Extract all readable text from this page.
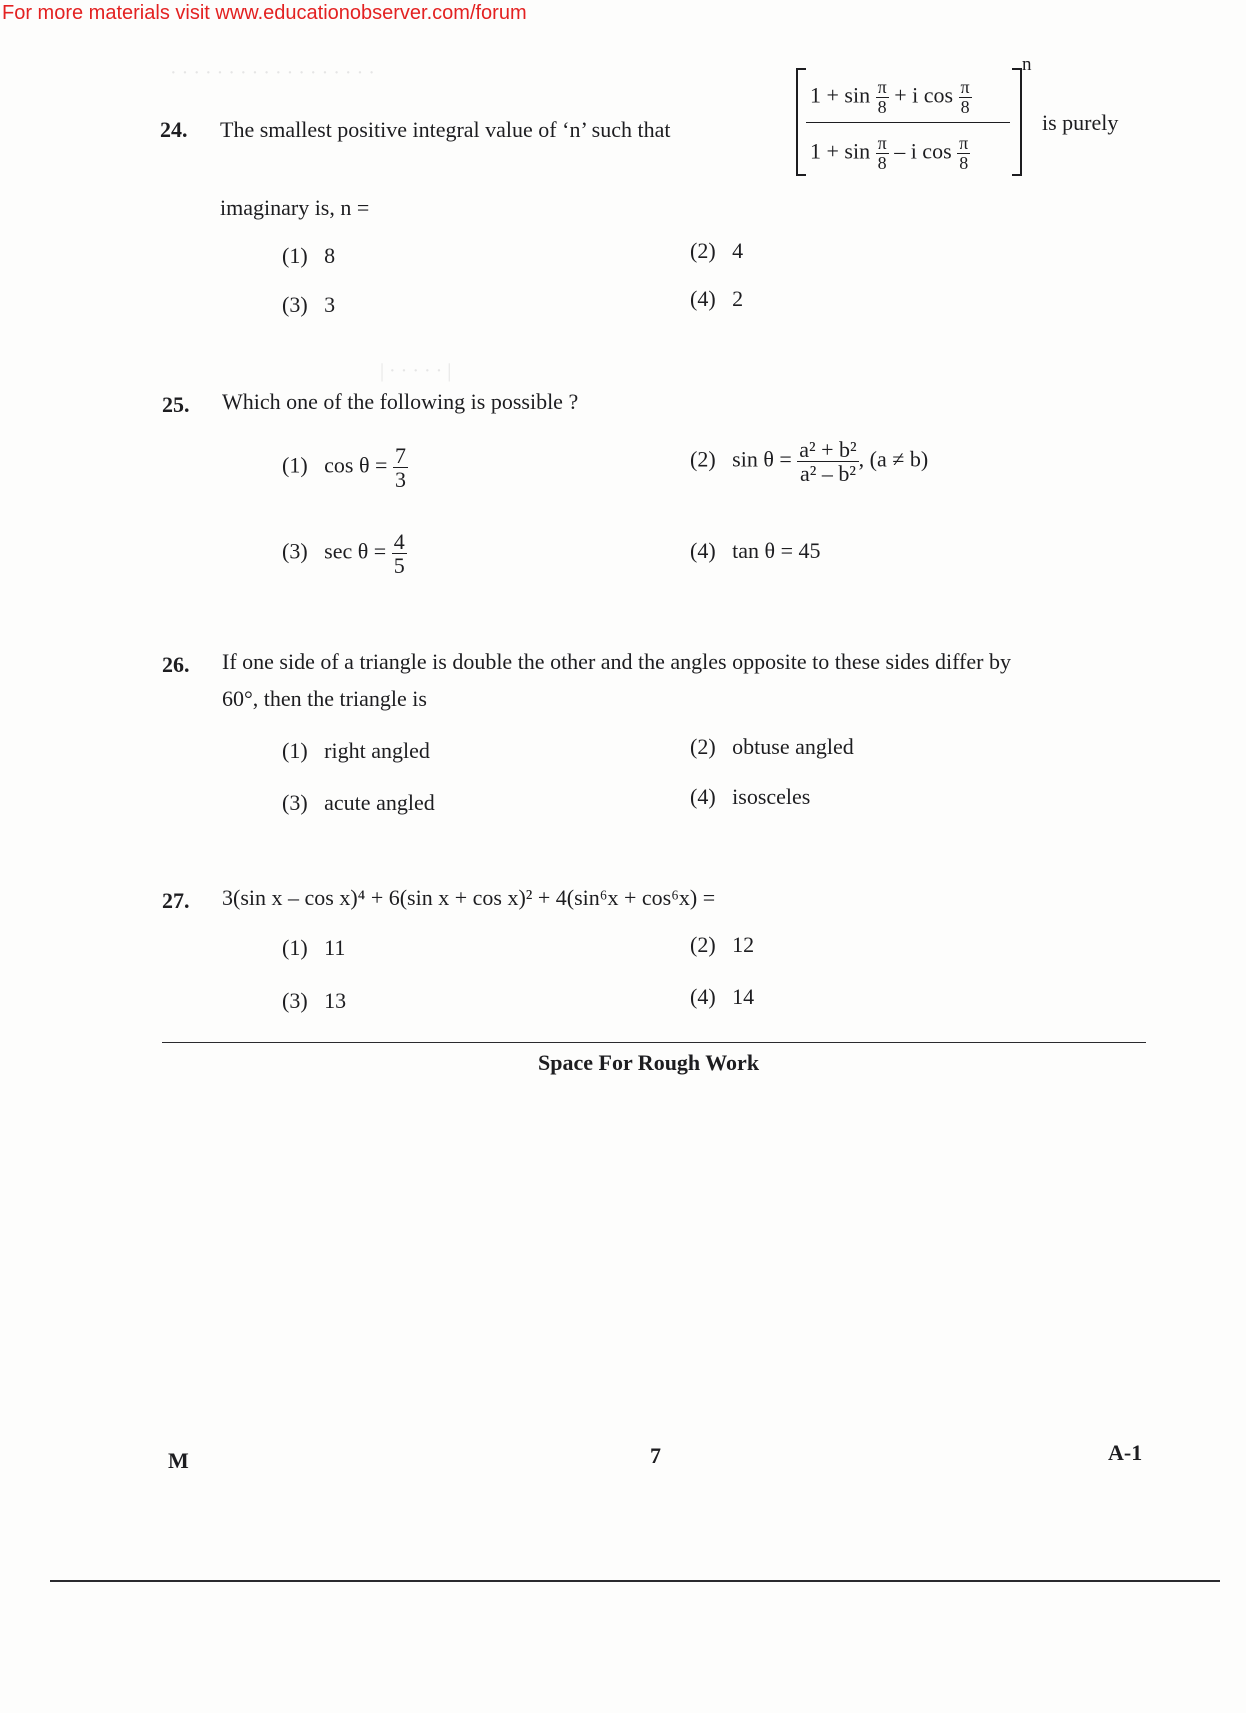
For more materials visit www.educationobserver.com/forum
· · · · · · · · · · · · · · · · · ·
| · · · · · |
24. The smallest positive integral value of ‘n’ such that
$1 + \sin \frac{\pi}{8} + i$ $\cos \frac{\pi}{8}$
$1 + \sin \frac{\pi}{8} - i$ $\cos \frac{\pi}{8}$
n
is purely
imaginary is, n =
(1) 8	(2) 4
(3) 3	(4) 2
25. Which one of the following is possible ?
(1) $\cos \theta = \frac{7}{3}$	(2) $\sin \theta = \frac{\text{a² + b²}}{\text{a² – b²}}$ , (a ≠ b)
(3) $\sec \theta = \frac{4}{5}$	(4) tan θ = 45
26. If one side of a triangle is double the other and the angles opposite to these sides differ by
60°, then the triangle is
(1) right angled	(2) obtuse angled
(3) acute angled	(4) isosceles
27. 3(sin x – cos x)⁴ + 6(sin x + cos x)² + 4(sin⁶x + cos⁶x) =
(1) 11	(2) 12
(3) 13	(4) 14
Space For Rough Work
M	7	A-1
